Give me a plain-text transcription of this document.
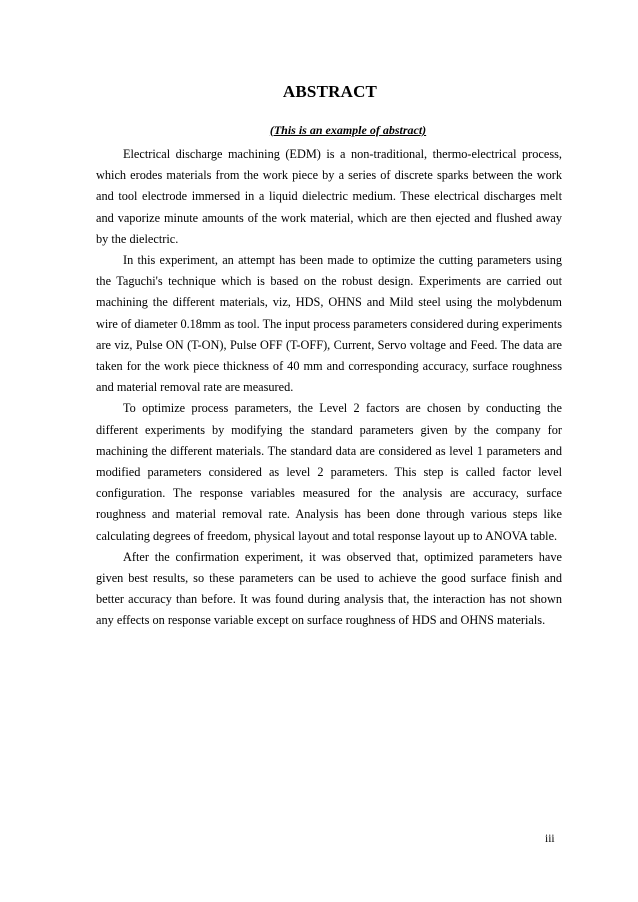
ABSTRACT
(This is an example of abstract)

Electrical discharge machining (EDM) is a non-traditional, thermo-electrical process, which erodes materials from the work piece by a series of discrete sparks between the work and tool electrode immersed in a liquid dielectric medium. These electrical discharges melt and vaporize minute amounts of the work material, which are then ejected and flushed away by the dielectric.

In this experiment, an attempt has been made to optimize the cutting parameters using the Taguchi's technique which is based on the robust design. Experiments are carried out machining the different materials, viz, HDS, OHNS and Mild steel using the molybdenum wire of diameter 0.18mm as tool. The input process parameters considered during experiments are viz, Pulse ON (T-ON), Pulse OFF (T-OFF), Current, Servo voltage and Feed. The data are taken for the work piece thickness of 40 mm and corresponding accuracy, surface roughness and material removal rate are measured.

To optimize process parameters, the Level 2 factors are chosen by conducting the different experiments by modifying the standard parameters given by the company for machining the different materials. The standard data are considered as level 1 parameters and modified parameters considered as level 2 parameters. This step is called factor level configuration. The response variables measured for the analysis are accuracy, surface roughness and material removal rate. Analysis has been done through various steps like calculating degrees of freedom, physical layout and total response layout up to ANOVA table.

After the confirmation experiment, it was observed that, optimized parameters have given best results, so these parameters can be used to achieve the good surface finish and better accuracy than before. It was found during analysis that, the interaction has not shown any effects on response variable except on surface roughness of HDS and OHNS materials.

iii
